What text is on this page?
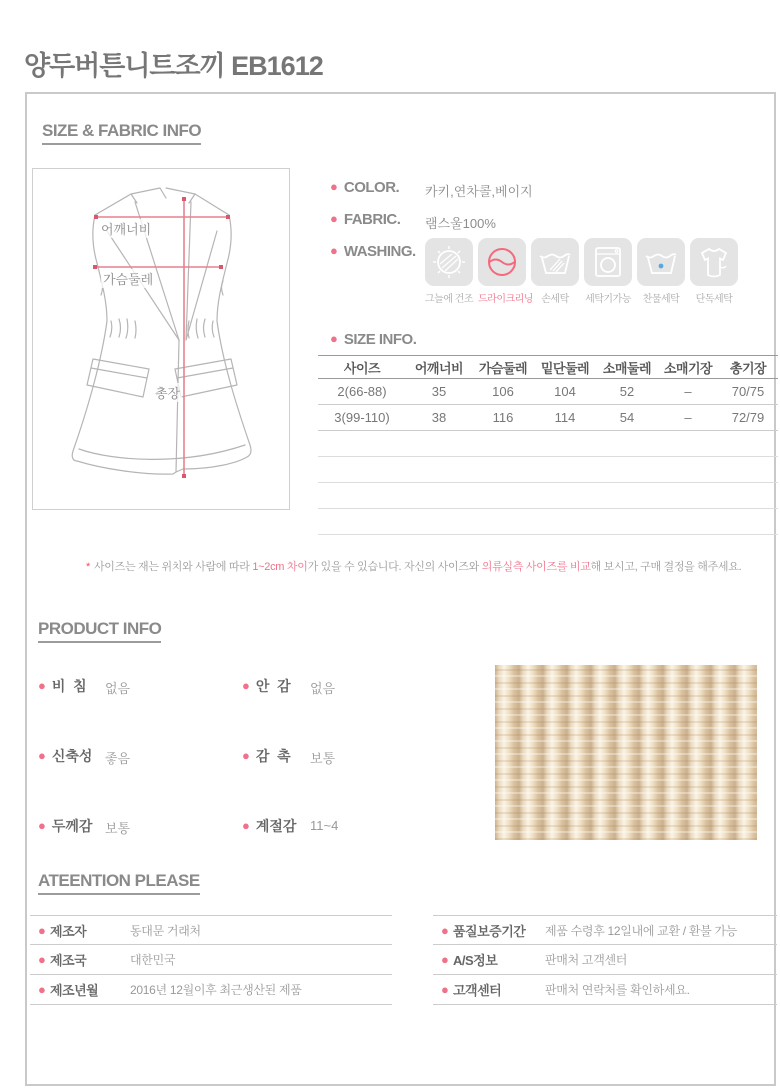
양두버튼니트조끼 EB1612
SIZE & FABRIC INFO
어깨너비
가슴둘레
총장
● COLOR. 카키,연차콜,베이지
● FABRIC. 램스울100%
● WASHING.
그늘에 건조 드라이크리닝 손세탁	세탁기가능	찬물세탁	단독세탁
● SIZE INFO.
사이즈	어깨너비	가슴둘레	밑단둘레	소매둘레	소매기장	총기장
2(66-88)	35	106	104	52	–	70/75
3(99-110)	38	116	114	54	–	72/79

* 사이즈는 재는 위치와 사람에 따라 1~2cm 차이가 있을 수 있습니다. 자신의 사이즈와 의류실측 사이즈를 비교해 보시고, 구매 결정을 해주세요.
PRODUCT INFO
● 비  침 없음	● 안  감 없음
● 신축성 좋음	● 감  촉 보통
● 두께감 보통	● 계절감 11~4
ATEENTION PLEASE
● 제조자	동대문 거래처
● 제조국	대한민국
● 제조년월	2016년 12월이후 최근생산된 제품
● 품질보증기간 제품 수령후 12일내에 교환 / 환불 가능
● A/S정보	판매처 고객센터
● 고객센터	판매처 연락처를 확인하세요.
